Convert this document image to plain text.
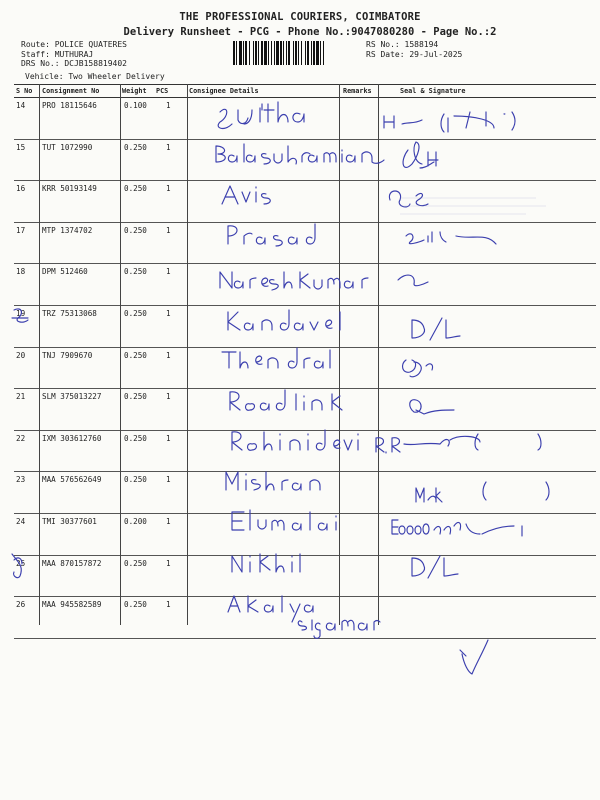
THE PROFESSIONAL COURIERS, COIMBATORE
Delivery Runsheet - PCG - Phone No.:9047080280 - Page No.:2
Route: POLICE QUATERES
Staff: MUTHURAJ
DRS No.: DCJB158819402
Vehicle: Two Wheeler Delivery
RS No.: 1588194
RS Date: 29-Jul-2025
S No Consignment No	Weight PCS	Consignee Details	Remarks	Seal & Signature
14 PRO 18115646	0.100	1
15 TUT 1072990	0.250	1
16 KRR 50193149	0.250	1
17 MTP 1374702	0.250	1
18 DPM 512460	0.250	1
19 TRZ 75313068	0.250	1
20 TNJ 7909670	0.250	1
21 SLM 375013227	0.250	1
22 IXM 303612760	0.250	1
23 MAA 576562649	0.250	1
24 TMI 30377601	0.200	1
25 MAA 870157872	0.250	1
26 MAA 945582589	0.250	1
